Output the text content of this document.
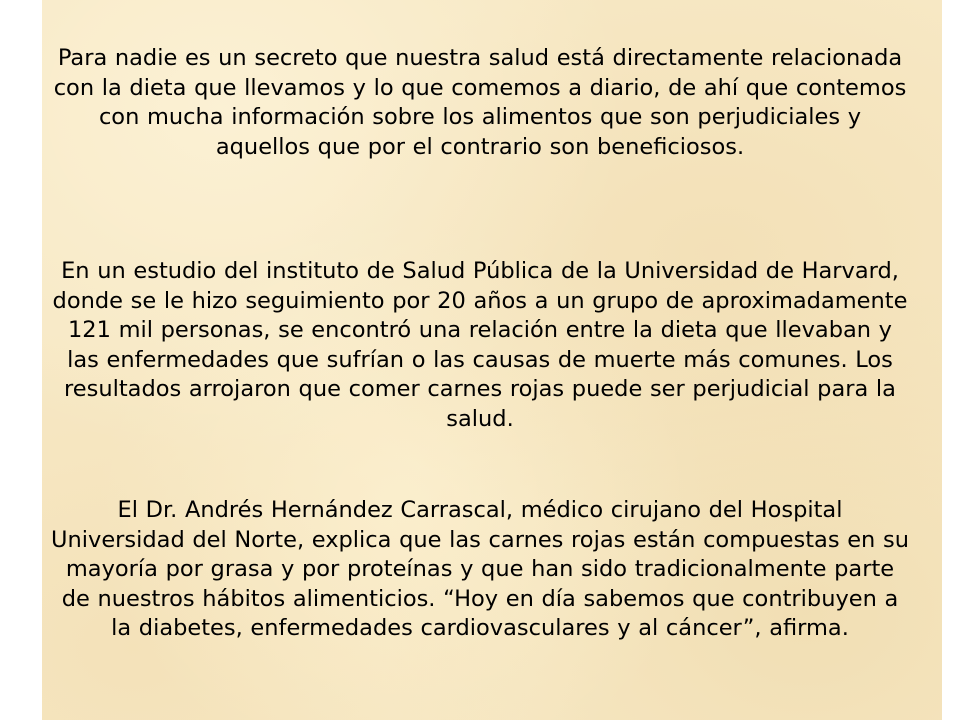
Para nadie es un secreto que nuestra salud está directamente relacionada con la dieta que llevamos y lo que comemos a diario, de ahí que contemos con mucha información sobre los alimentos que son perjudiciales y aquellos que por el contrario son beneficiosos.

En un estudio del instituto de Salud Pública de la Universidad de Harvard, donde se le hizo seguimiento por 20 años a un grupo de aproximadamente 121 mil personas, se encontró una relación entre la dieta que llevaban y las enfermedades que sufrían o las causas de muerte más comunes. Los resultados arrojaron que comer carnes rojas puede ser perjudicial para la salud.

El Dr. Andrés Hernández Carrascal, médico cirujano del Hospital Universidad del Norte, explica que las carnes rojas están compuestas en su mayoría por grasa y por proteínas y que han sido tradicionalmente parte de nuestros hábitos alimenticios. “Hoy en día sabemos que contribuyen a la diabetes, enfermedades cardiovasculares y al cáncer”, afirma.
